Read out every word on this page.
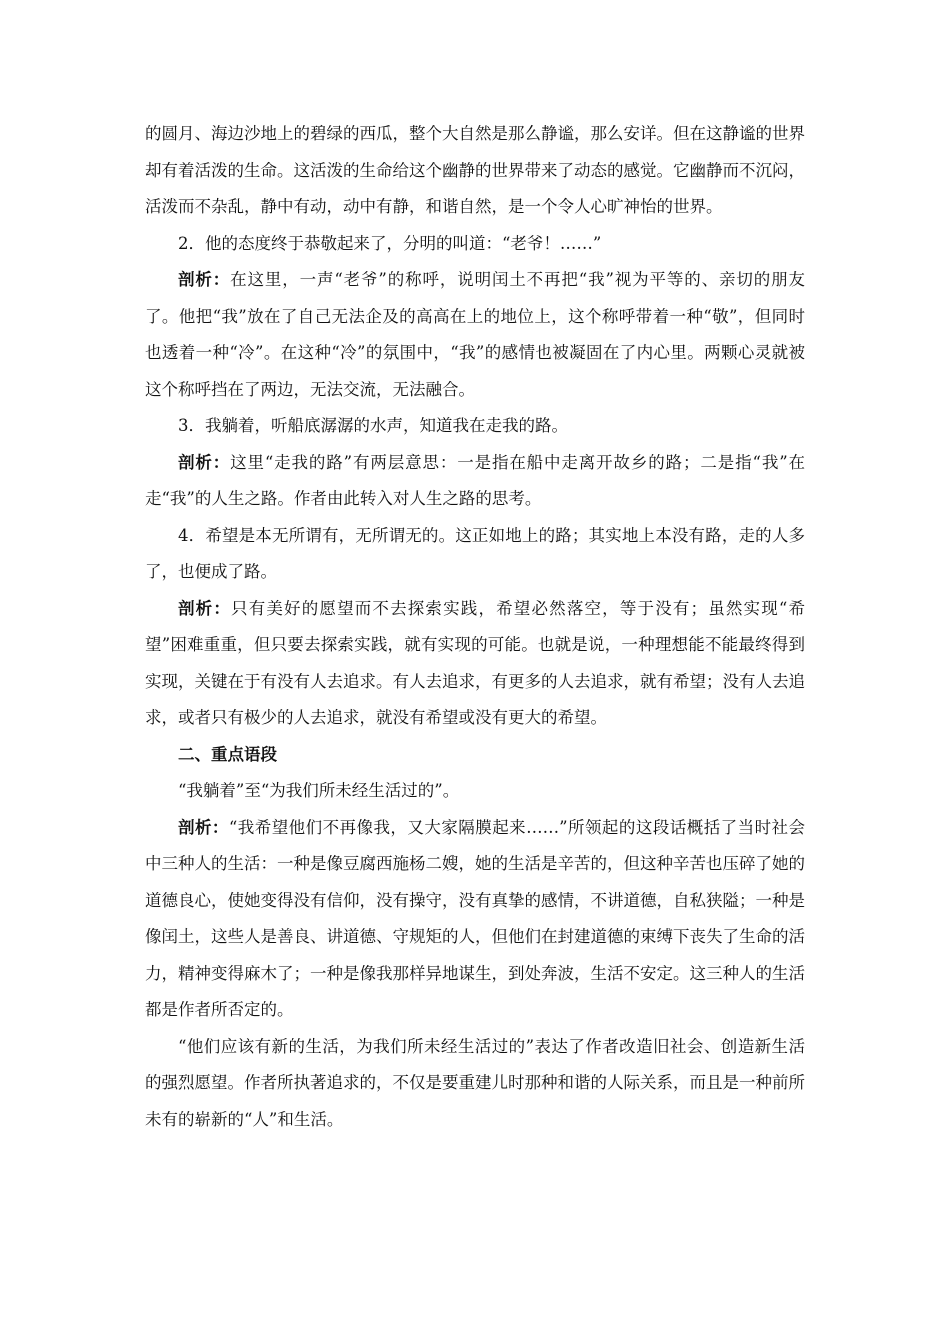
的圆月、海边沙地上的碧绿的西瓜，整个大自然是那么静谧，那么安详。但在这静谧的世界却有着活泼的生命。这活泼的生命给这个幽静的世界带来了动态的感觉。它幽静而不沉闷，活泼而不杂乱，静中有动，动中有静，和谐自然，是一个令人心旷神怡的世界。

2．他的态度终于恭敬起来了，分明的叫道：“老爷！……”

剖析：在这里，一声“老爷”的称呼，说明闰土不再把“我”视为平等的、亲切的朋友了。他把“我”放在了自己无法企及的高高在上的地位上，这个称呼带着一种“敬”，但同时也透着一种“冷”。在这种“冷”的氛围中，“我”的感情也被凝固在了内心里。两颗心灵就被这个称呼挡在了两边，无法交流，无法融合。

3．我躺着，听船底潺潺的水声，知道我在走我的路。

剖析：这里“走我的路”有两层意思：一是指在船中走离开故乡的路；二是指“我”在走“我”的人生之路。作者由此转入对人生之路的思考。

4．希望是本无所谓有，无所谓无的。这正如地上的路；其实地上本没有路，走的人多了，也便成了路。

剖析：只有美好的愿望而不去探索实践，希望必然落空，等于没有；虽然实现“希望”困难重重，但只要去探索实践，就有实现的可能。也就是说，一种理想能不能最终得到实现，关键在于有没有人去追求。有人去追求，有更多的人去追求，就有希望；没有人去追求，或者只有极少的人去追求，就没有希望或没有更大的希望。

二、重点语段

“我躺着”至“为我们所未经生活过的”。

剖析：“我希望他们不再像我，又大家隔膜起来……”所领起的这段话概括了当时社会中三种人的生活：一种是像豆腐西施杨二嫂，她的生活是辛苦的，但这种辛苦也压碎了她的道德良心，使她变得没有信仰，没有操守，没有真挚的感情，不讲道德，自私狭隘；一种是像闰土，这些人是善良、讲道德、守规矩的人，但他们在封建道德的束缚下丧失了生命的活力，精神变得麻木了；一种是像我那样异地谋生，到处奔波，生活不安定。这三种人的生活都是作者所否定的。

“他们应该有新的生活，为我们所未经生活过的”表达了作者改造旧社会、创造新生活的强烈愿望。作者所执著追求的，不仅是要重建儿时那种和谐的人际关系，而且是一种前所未有的崭新的“人”和生活。
